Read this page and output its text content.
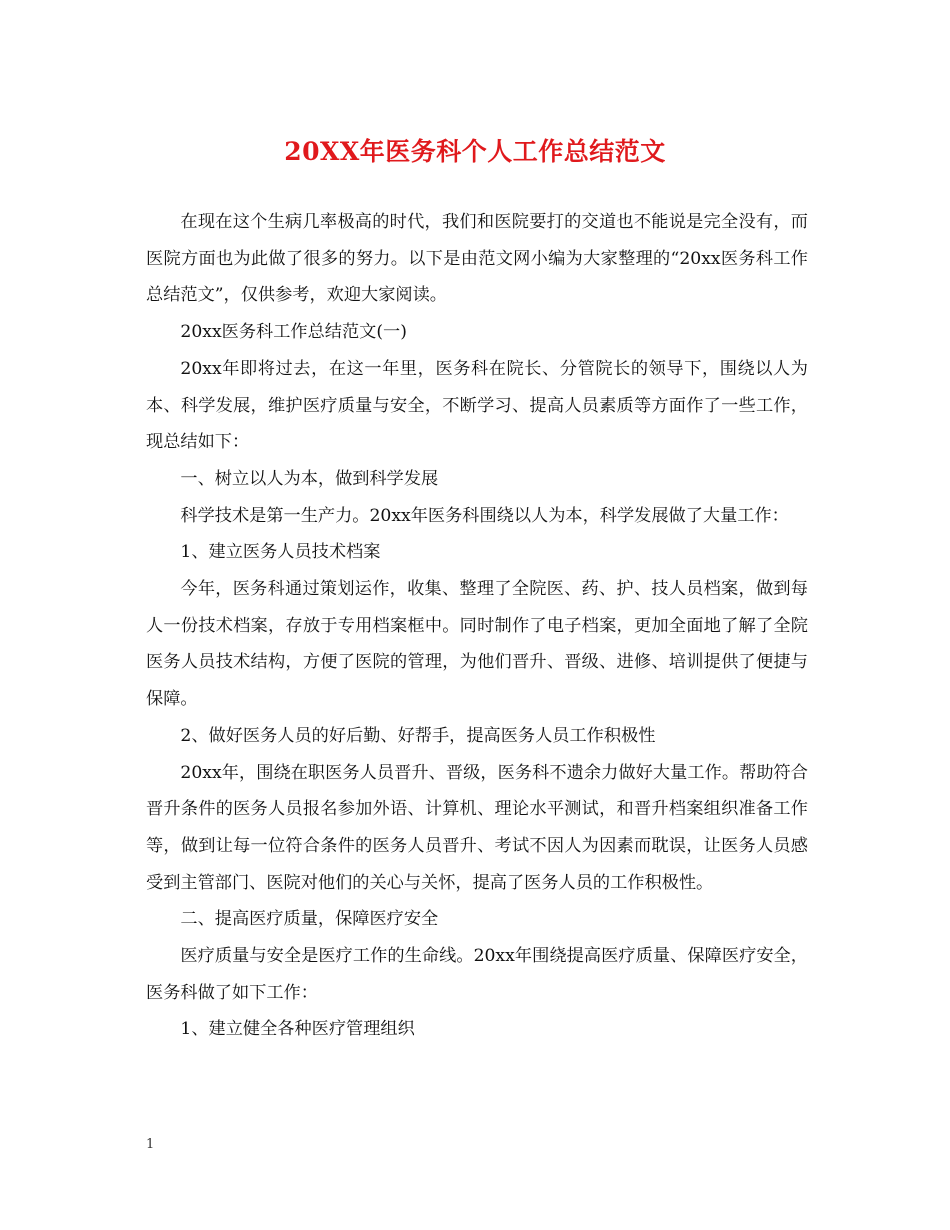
20XX年医务科个人工作总结范文

在现在这个生病几率极高的时代，我们和医院要打的交道也不能说是完全没有，而医院方面也为此做了很多的努力。以下是由范文网小编为大家整理的“20xx医务科工作总结范文”，仅供参考，欢迎大家阅读。

20xx医务科工作总结范文(一)

20xx年即将过去，在这一年里，医务科在院长、分管院长的领导下，围绕以人为本、科学发展，维护医疗质量与安全，不断学习、提高人员素质等方面作了一些工作，现总结如下：

一、树立以人为本，做到科学发展

科学技术是第一生产力。20xx年医务科围绕以人为本，科学发展做了大量工作：

1、建立医务人员技术档案

今年，医务科通过策划运作，收集、整理了全院医、药、护、技人员档案，做到每人一份技术档案，存放于专用档案框中。同时制作了电子档案，更加全面地了解了全院医务人员技术结构，方便了医院的管理，为他们晋升、晋级、进修、培训提供了便捷与保障。

2、做好医务人员的好后勤、好帮手，提高医务人员工作积极性

20xx年，围绕在职医务人员晋升、晋级，医务科不遗余力做好大量工作。帮助符合晋升条件的医务人员报名参加外语、计算机、理论水平测试，和晋升档案组织准备工作等，做到让每一位符合条件的医务人员晋升、考试不因人为因素而耽误，让医务人员感受到主管部门、医院对他们的关心与关怀，提高了医务人员的工作积极性。

二、提高医疗质量，保障医疗安全

医疗质量与安全是医疗工作的生命线。20xx年围绕提高医疗质量、保障医疗安全，医务科做了如下工作：

1、建立健全各种医疗管理组织

1
